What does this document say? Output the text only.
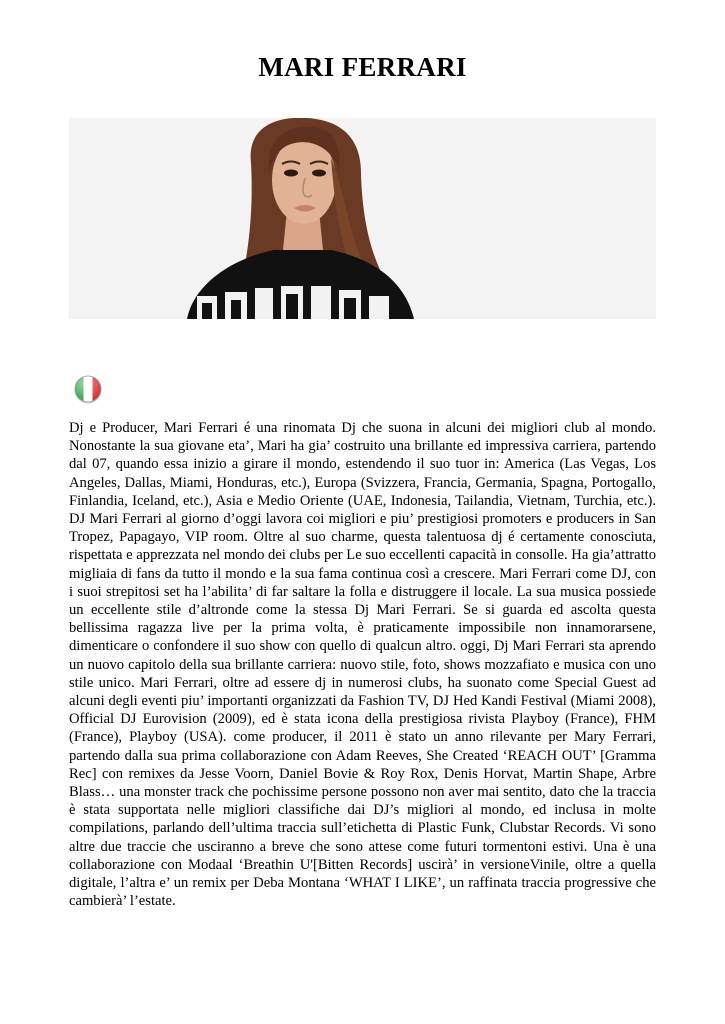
MARI FERRARI

Dj e Producer, Mari Ferrari é una rinomata Dj che suona in alcuni dei migliori club al mondo. Nonostante la sua giovane eta’, Mari ha gia’ costruito una brillante ed impressiva carriera, partendo dal 07, quando essa inizio a girare il mondo, estendendo il suo tuor in: America (Las Vegas, Los Angeles, Dallas, Miami, Honduras, etc.), Europa (Svizzera, Francia, Germania, Spagna, Portogallo, Finlandia, Iceland, etc.), Asia e Medio Oriente (UAE, Indonesia, Tailandia, Vietnam, Turchia, etc.). DJ Mari Ferrari al giorno d’oggi lavora coi migliori e piu’ prestigiosi promoters e producers in San Tropez, Papagayo, VIP room. Oltre al suo charme, questa talentuosa dj é certamente conosciuta, rispettata e apprezzata nel mondo dei clubs per Le suo eccellenti capacità in consolle. Ha gia’attratto migliaia di fans da tutto il mondo e la sua fama continua così a crescere. Mari Ferrari come DJ, con i suoi strepitosi set ha l’abilita’ di far saltare la folla e distruggere il locale. La sua musica possiede un eccellente stile d’altronde come la stessa Dj Mari Ferrari. Se si guarda ed ascolta questa bellissima ragazza live per la prima volta, è praticamente impossibile non innamorarsene, dimenticare o confondere il suo show con quello di qualcun altro. oggi, Dj Mari Ferrari sta aprendo un nuovo capitolo della sua brillante carriera: nuovo stile, foto, shows mozzafiato e musica con uno stile unico. Mari Ferrari, oltre ad essere dj in numerosi clubs, ha suonato come Special Guest ad alcuni degli eventi piu’ importanti organizzati da Fashion TV, DJ Hed Kandi Festival (Miami 2008), Official DJ Eurovision (2009), ed è stata icona della prestigiosa rivista Playboy (France), FHM (France), Playboy (USA). come producer, il 2011 è stato un anno rilevante per Mary Ferrari, partendo dalla sua prima collaborazione con Adam Reeves, She Created ‘REACH OUT’ [Gramma Rec] con remixes da Jesse Voorn, Daniel Bovie & Roy Rox, Denis Horvat, Martin Shape, Arbre Blass… una monster track che pochissime persone possono non aver mai sentito, dato che la traccia è stata supportata nelle migliori classifiche dai DJ’s migliori al mondo, ed inclusa in molte compilations, parlando dell’ultima traccia sull’etichetta di Plastic Funk, Clubstar Records. Vi sono altre due traccie che usciranno a breve che sono attese come futuri tormentoni estivi. Una è una collaborazione con Modaal ‘Breathin U'[Bitten Records] uscirà’ in versioneVinile, oltre a quella digitale, l’altra e’ un remix per Deba Montana ‘WHAT I LIKE’, un raffinata traccia progressive che cambierà’ l’estate.
